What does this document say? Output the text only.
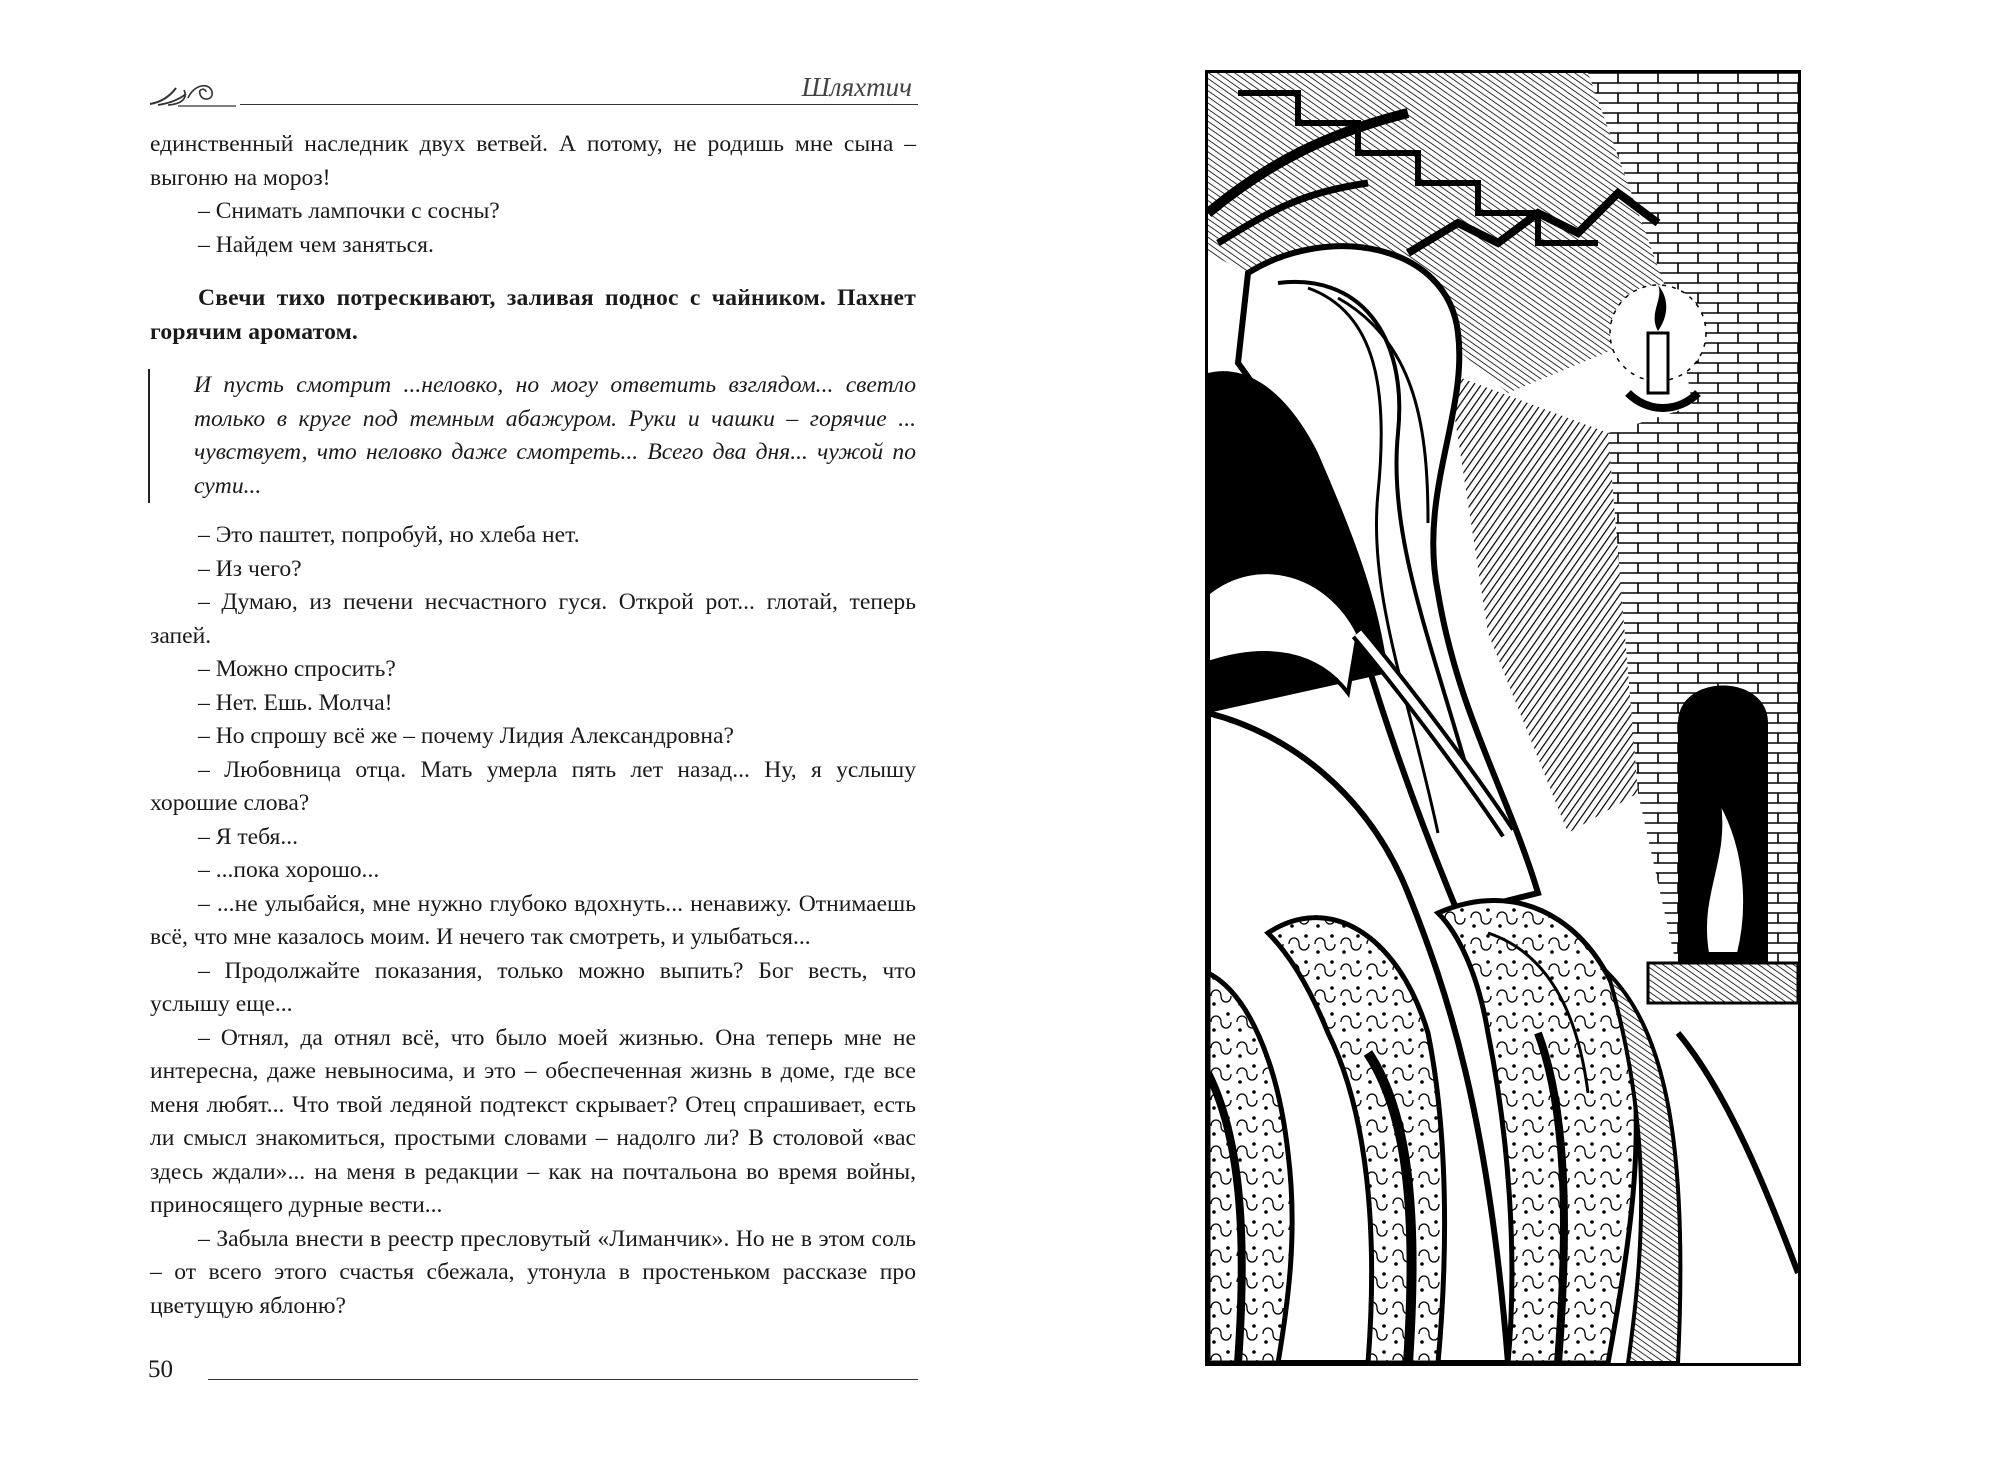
Шляхтич

единственный наследник двух ветвей. А потому, не родишь мне сына – выгоню на мороз!

– Снимать лампочки с сосны?

– Найдем чем заняться.

Свечи тихо потрескивают, заливая поднос с чайником. Пахнет горячим ароматом.

И пусть смотрит ...неловко, но могу ответить взглядом... светло только в круге под темным абажуром. Руки и чашки – горячие ... чувствует, что неловко даже смотреть... Всего два дня... чужой по сути...

– Это паштет, попробуй, но хлеба нет.

– Из чего?

– Думаю, из печени несчастного гуся. Открой рот... глотай, теперь запей.

– Можно спросить?

– Нет. Ешь. Молча!

– Но спрошу всё же – почему Лидия Александровна?

– Любовница отца. Мать умерла пять лет назад... Ну, я услышу хорошие слова?

– Я тебя...

– ...пока хорошо...

– ...не улыбайся, мне нужно глубоко вдохнуть... ненавижу. Отнимаешь всё, что мне казалось моим. И нечего так смотреть, и улыбаться...

– Продолжайте показания, только можно выпить? Бог весть, что услышу еще...

– Отнял, да отнял всё, что было моей жизнью. Она теперь мне не интересна, даже невыносима, и это – обеспеченная жизнь в доме, где все меня любят... Что твой ледяной подтекст скрывает? Отец спрашивает, есть ли смысл знакомиться, простыми словами – надолго ли? В столовой «вас здесь ждали»... на меня в редакции – как на почтальона во время войны, приносящего дурные вести...

– Забыла внести в реестр пресловутый «Лиманчик». Но не в этом соль – от всего этого счастья сбежала, утонула в простеньком рассказе про цветущую яблоню?

50
